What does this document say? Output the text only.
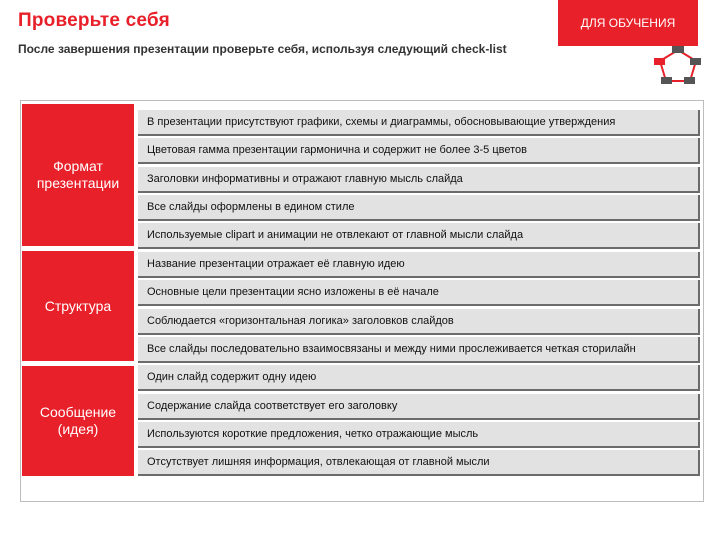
Проверьте себя	ДЛЯ ОБУЧЕНИЯ
После завершения презентации проверьте себя, используя следующий check-list
Формат
презентации
В презентации присутствуют графики, схемы и диаграммы, обосновывающие утверждения
Цветовая гамма презентации гармонична и содержит не более 3-5 цветов
Заголовки информативны и отражают главную мысль слайда
Все слайды оформлены в едином стиле
Используемые clipart и анимации не отвлекают от главной мысли слайда
Структура
Название презентации отражает её главную идею
Основные цели презентации ясно изложены в её начале
Соблюдается «горизонтальная логика» заголовков слайдов
Все слайды последовательно взаимосвязаны и между ними прослеживается четкая сторилайн
Сообщение
(идея)
Один слайд содержит одну идею
Содержание слайда соответствует его заголовку
Используются короткие предложения, четко отражающие мысль
Отсутствует лишняя информация, отвлекающая от главной мысли
